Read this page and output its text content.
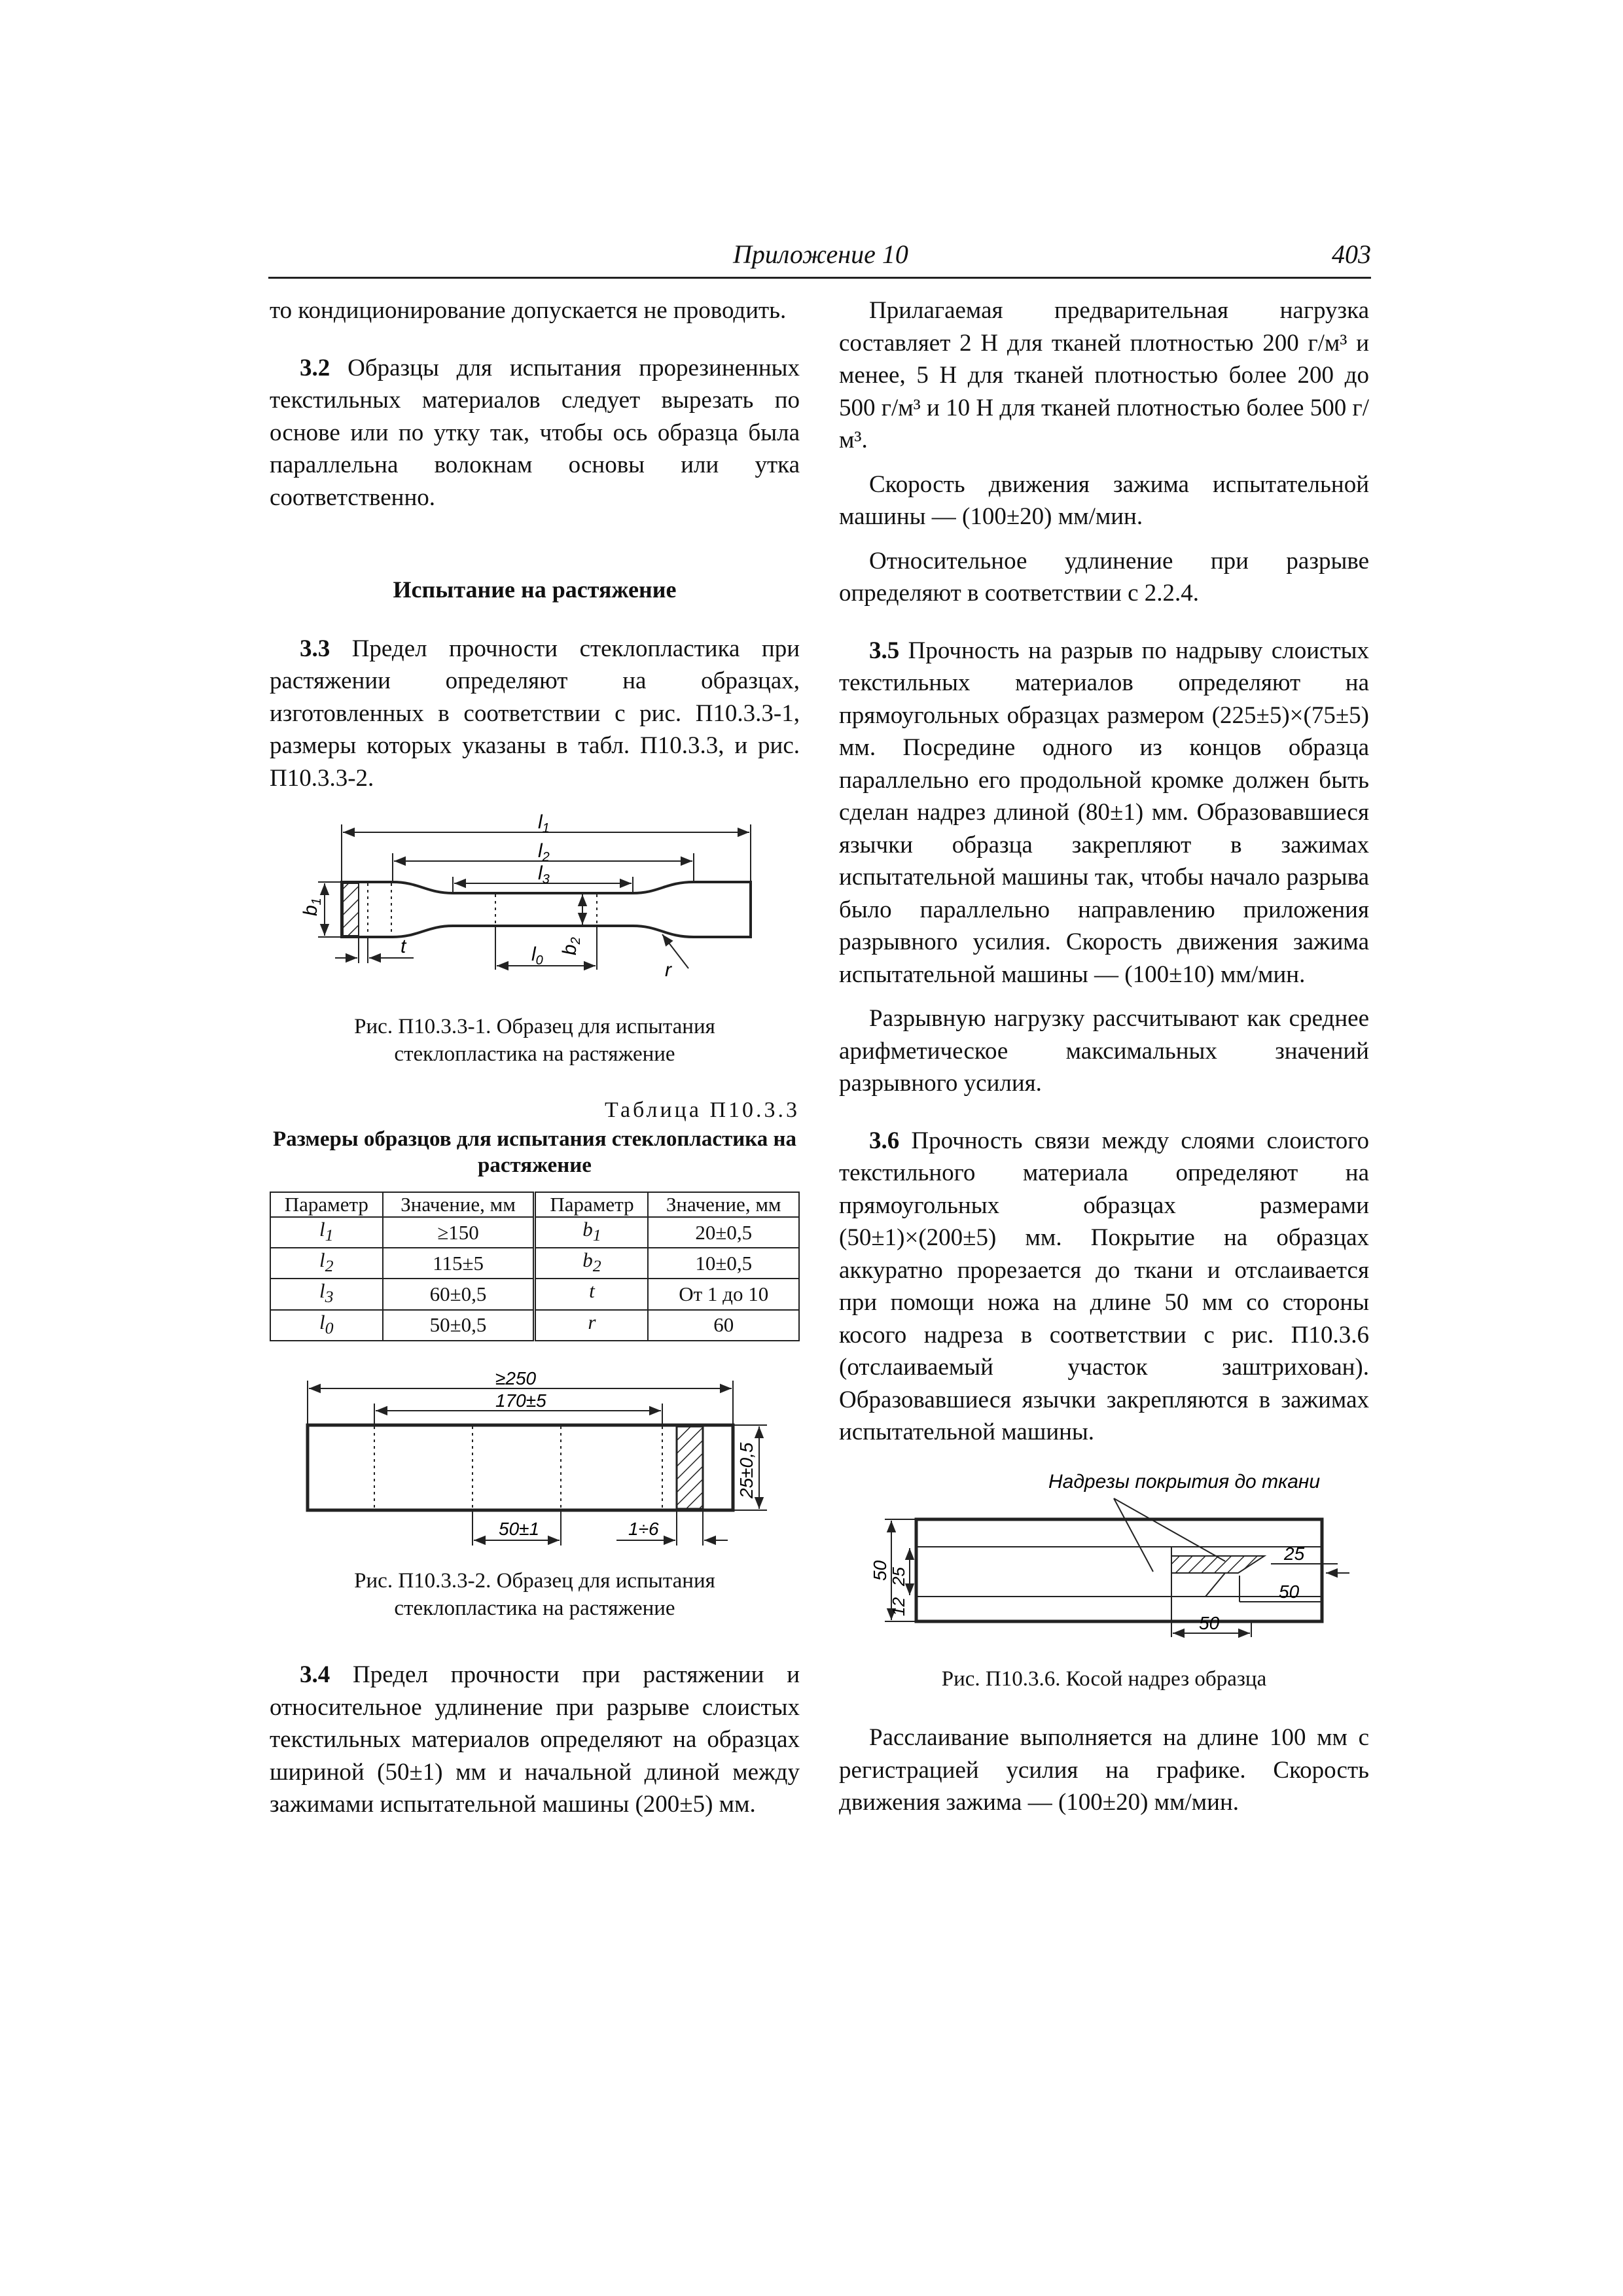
Приложение 10	403

то кондиционирование допускается не проводить.

3.2 Образцы для испытания прорезиненных текстильных материалов следует вырезать по основе или по утку так, чтобы ось образца была параллельна волокнам основы или утка соответственно.

Испытание на растяжение

3.3 Предел прочности стеклопластика при растяжении определяют на образцах, изготовленных в соответствии с рис. П10.3.3-1, размеры которых указаны в табл. П10.3.3, и рис. П10.3.3-2.

$l_1$
$l_2$
$l_3$
$b_1$
t	$l_0$
$b_2$
r
Рис. П10.3.3-1. Образец для испытания стеклопластика на растяжение
Таблица П10.3.3
Размеры образцов для испытания стеклопластика на растяжение
Параметр	Значение, мм	Параметр	Значение, мм
$l_1$	≥150	$b_1$	20±0,5
$l_2$	115±5	$b_2$	10±0,5
$l_3$	60±0,5	t	От 1 до 10
$l_0$	50±0,5	r	60
≥250
170±5
25±0,5
50±1	1÷6
Рис. П10.3.3-2. Образец для испытания стеклопластика на растяжение

3.4 Предел прочности при растяжении и относительное удлинение при разрыве слоистых текстильных материалов определяют на образцах шириной (50±1) мм и начальной длиной между зажимами испытательной машины (200±5) мм.

Прилагаемая предварительная нагрузка составляет 2 Н для тканей плотностью 200 г/м³ и менее, 5 Н для тканей плотностью более 200 до 500 г/м³ и 10 Н для тканей плотностью более 500 г/м³.

Скорость движения зажима испытательной машины — (100±20) мм/мин.

Относительное удлинение при разрыве определяют в соответствии с 2.2.4.

3.5 Прочность на разрыв по надрыву слоистых текстильных материалов определяют на прямоугольных образцах размером (225±5)×(75±5) мм. Посредине одного из концов образца параллельно его продольной кромке должен быть сделан надрез длиной (80±1) мм. Образовавшиеся язычки образца закрепляют в зажимах испытательной машины так, чтобы начало разрыва было параллельно направлению приложения разрывного усилия. Скорость движения зажима испытательной машины — (100±10) мм/мин.

Разрывную нагрузку рассчитывают как среднее арифметическое максимальных значений разрывного усилия.

3.6 Прочность связи между слоями слоистого текстильного материала определяют на прямоугольных образцах размерами (50±1)×(200±5) мм. Покрытие на образцах аккуратно прорезается до ткани и отслаивается при помощи ножа на длине 50 мм со стороны косого надреза в соответствии с рис. П10.3.6 (отслаиваемый участок заштрихован). Образовавшиеся язычки закрепляются в зажимах испытательной машины.

Надрезы покрытия до ткани
50
25
12
25
50
50
Рис. П10.3.6. Косой надрез образца

Расслаивание выполняется на длине 100 мм с регистрацией усилия на графике. Скорость движения зажима — (100±20) мм/мин.
